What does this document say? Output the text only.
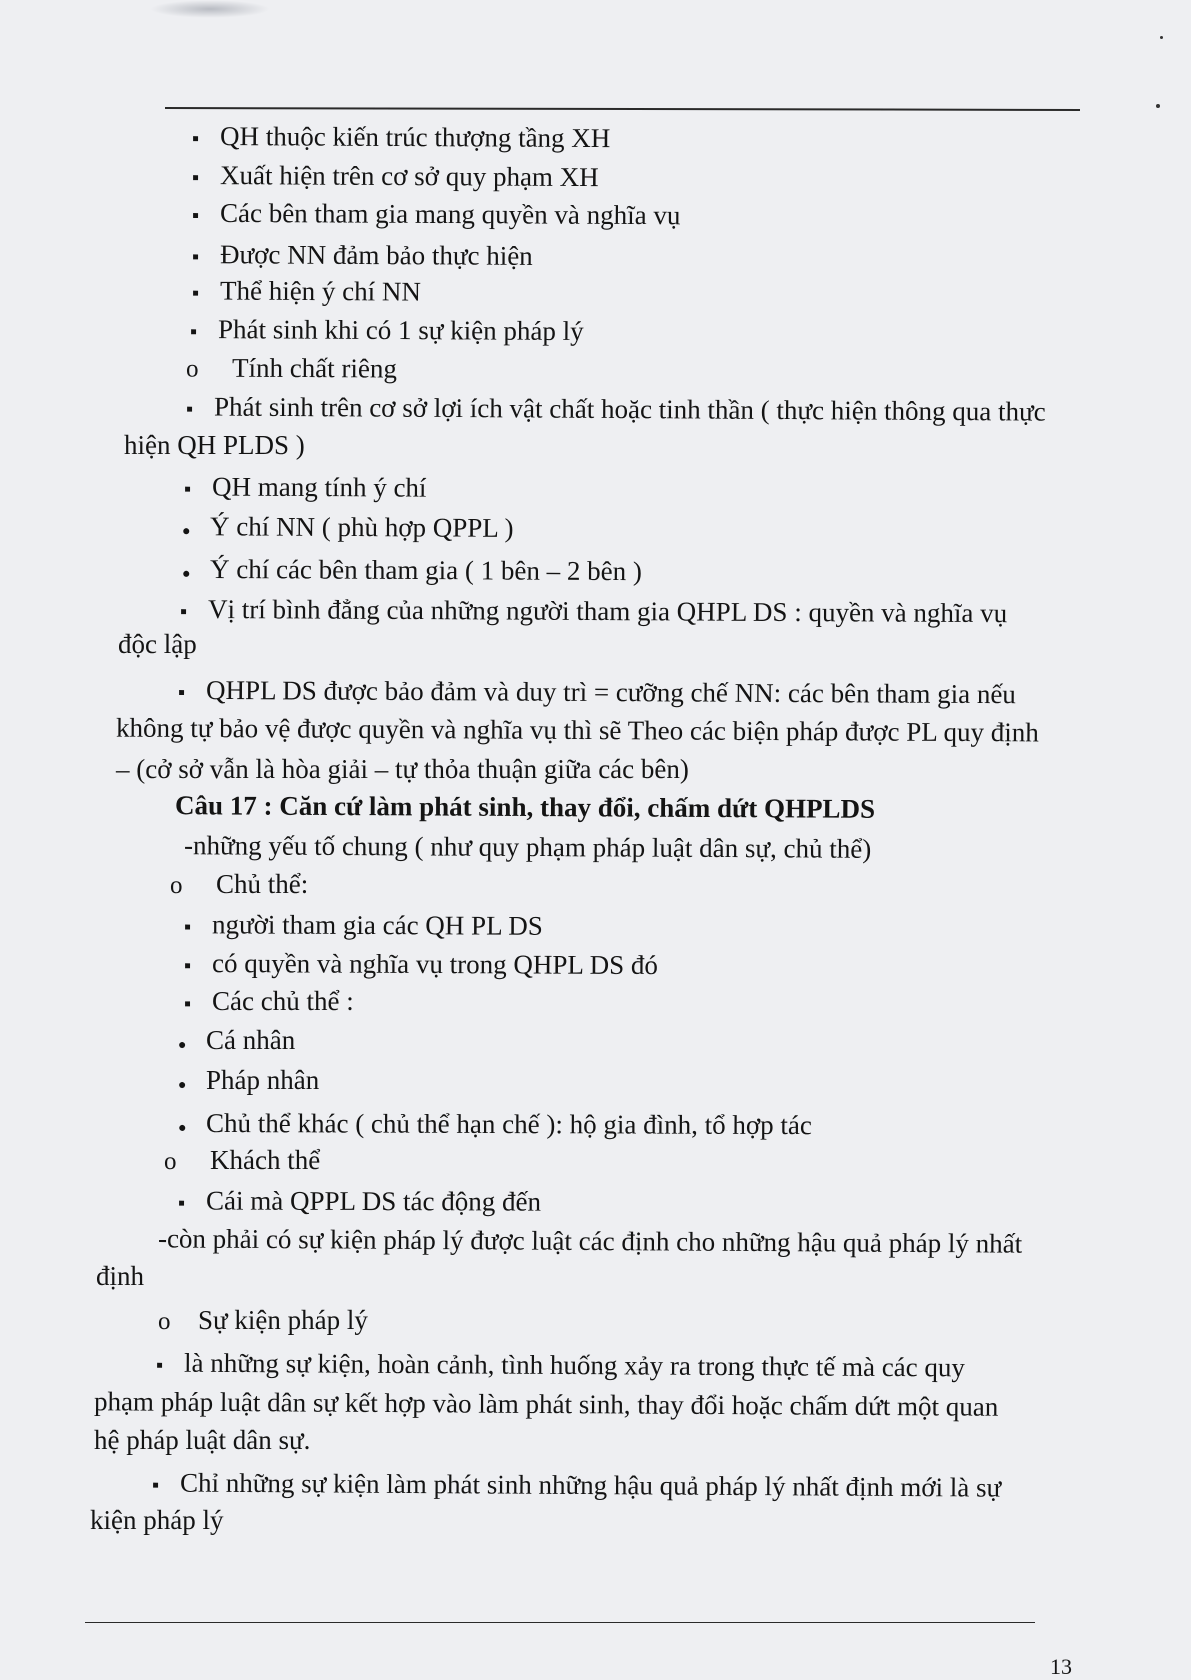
▪QH thuộc kiến trúc thượng tầng XH
▪Xuất hiện trên cơ sở quy phạm XH
▪Các bên tham gia mang quyền và nghĩa vụ
▪Được NN đảm bảo thực hiện
▪Thể hiện ý chí NN
▪Phát sinh khi có 1 sự kiện pháp lý
oTính chất riêng
▪Phát sinh trên cơ sở lợi ích vật chất hoặc tinh thần ( thực hiện thông qua thực
hiện QH PLDS )
▪QH mang tính ý chí
●Ý chí NN ( phù hợp QPPL )
●Ý chí các bên tham gia ( 1 bên – 2 bên )
▪Vị trí bình đẳng của những người tham gia QHPL DS : quyền và nghĩa vụ
độc lập
▪QHPL DS được bảo đảm và duy trì = cưỡng chế NN: các bên tham gia nếu
không tự bảo vệ được quyền và nghĩa vụ thì sẽ Theo các biện pháp được PL quy định
– (cở sở vẫn là hòa giải – tự thỏa thuận giữa các bên)
Câu 17 : Căn cứ làm phát sinh, thay đổi, chấm dứt QHPLDS
-những yếu tố chung ( như quy phạm pháp luật dân sự, chủ thể)
oChủ thể:
▪người tham gia các QH PL DS
▪có quyền và nghĩa vụ trong QHPL DS đó
▪Các chủ thể :
●Cá nhân
●Pháp nhân
●Chủ thể khác ( chủ thể hạn chế ): hộ gia đình, tổ hợp tác
oKhách thể
▪Cái mà QPPL DS tác động đến
-còn phải có sự kiện pháp lý được luật các định cho những hậu quả pháp lý nhất
định
oSự kiện pháp lý
▪là những sự kiện, hoàn cảnh, tình huống xảy ra trong thực tế mà các quy
phạm pháp luật dân sự kết hợp vào làm phát sinh, thay đổi hoặc chấm dứt một quan
hệ pháp luật dân sự.
▪Chỉ những sự kiện làm phát sinh những hậu quả pháp lý nhất định mới là sự
kiện pháp lý
13
